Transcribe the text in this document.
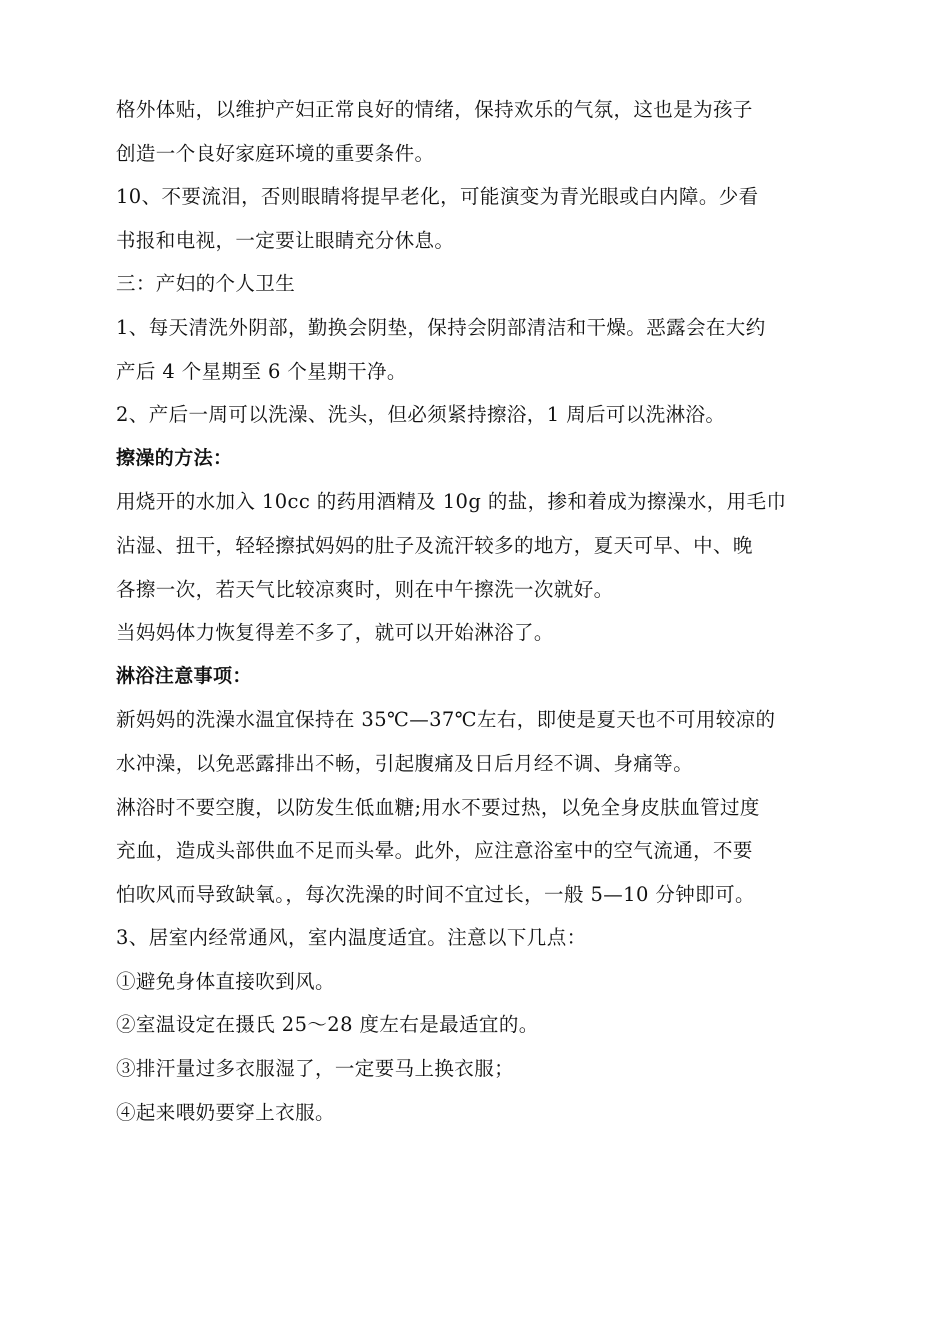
格外体贴，以维护产妇正常良好的情绪，保持欢乐的气氛，这也是为孩子
创造一个良好家庭环境的重要条件。
10、不要流泪，否则眼睛将提早老化，可能演变为青光眼或白内障。少看
书报和电视，一定要让眼睛充分休息。
三：产妇的个人卫生
1、每天清洗外阴部，勤换会阴垫，保持会阴部清洁和干燥。恶露会在大约
产后 4 个星期至 6 个星期干净。
2、产后一周可以洗澡、洗头，但必须紧持擦浴，1 周后可以洗淋浴。
擦澡的方法：
用烧开的水加入 10cc 的药用酒精及 10g 的盐，掺和着成为擦澡水，用毛巾
沾湿、扭干，轻轻擦拭妈妈的肚子及流汗较多的地方，夏天可早、中、晚
各擦一次，若天气比较凉爽时，则在中午擦洗一次就好。
当妈妈体力恢复得差不多了，就可以开始淋浴了。
淋浴注意事项：
新妈妈的洗澡水温宜保持在 35℃—37℃左右，即使是夏天也不可用较凉的
水冲澡，以免恶露排出不畅，引起腹痛及日后月经不调、身痛等。
淋浴时不要空腹，以防发生低血糖;用水不要过热，以免全身皮肤血管过度
充血，造成头部供血不足而头晕。此外，应注意浴室中的空气流通，不要
怕吹风而导致缺氧。，每次洗澡的时间不宜过长，一般 5—10 分钟即可。
3、居室内经常通风，室内温度适宜。注意以下几点：
①避免身体直接吹到风。
②室温设定在摄氏 25～28 度左右是最适宜的。
③排汗量过多衣服湿了，一定要马上换衣服；
④起来喂奶要穿上衣服。
